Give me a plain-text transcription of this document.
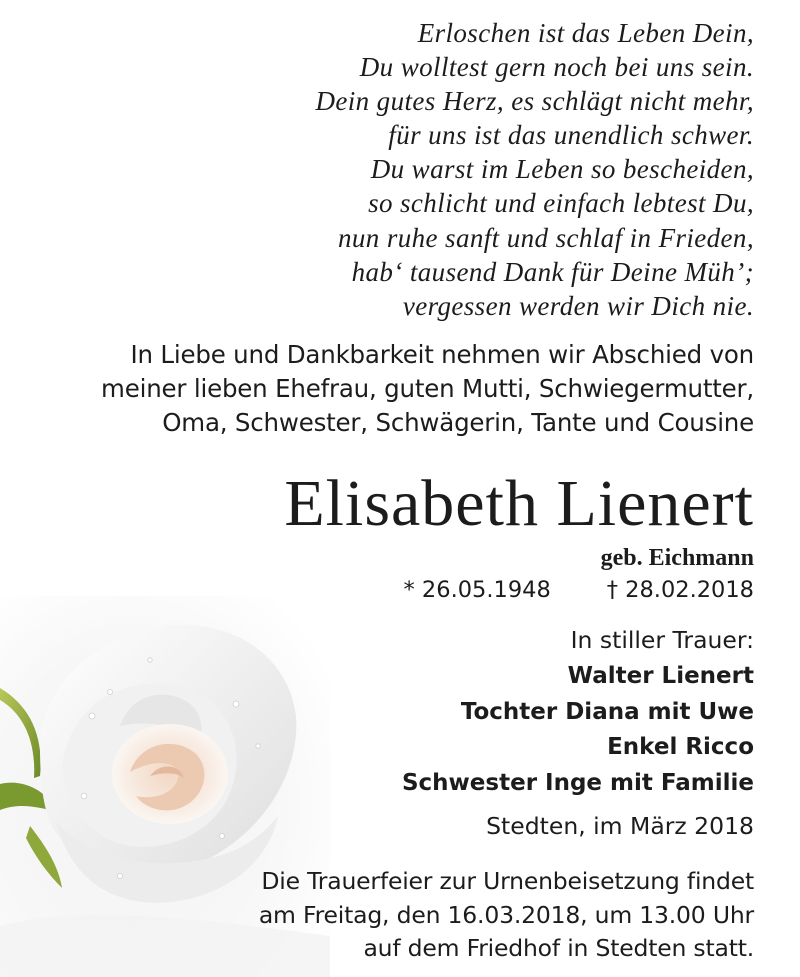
Erloschen ist das Leben Dein,
Du wolltest gern noch bei uns sein.
Dein gutes Herz, es schlägt nicht mehr,
für uns ist das unendlich schwer.
Du warst im Leben so bescheiden,
so schlicht und einfach lebtest Du,
nun ruhe sanft und schlaf in Frieden,
hab‘ tausend Dank für Deine Müh’;
vergessen werden wir Dich nie.
In Liebe und Dankbarkeit nehmen wir Abschied von
meiner lieben Ehefrau, guten Mutti, Schwiegermutter,
Oma, Schwester, Schwägerin, Tante und Cousine
Elisabeth Lienert
geb. Eichmann
* 26.05.1948 † 28.02.2018
In stiller Trauer:
Walter Lienert
Tochter Diana mit Uwe
Enkel Ricco
Schwester Inge mit Familie
Stedten, im März 2018
Die Trauerfeier zur Urnenbeisetzung findet
am Freitag, den 16.03.2018, um 13.00 Uhr
auf dem Friedhof in Stedten statt.
